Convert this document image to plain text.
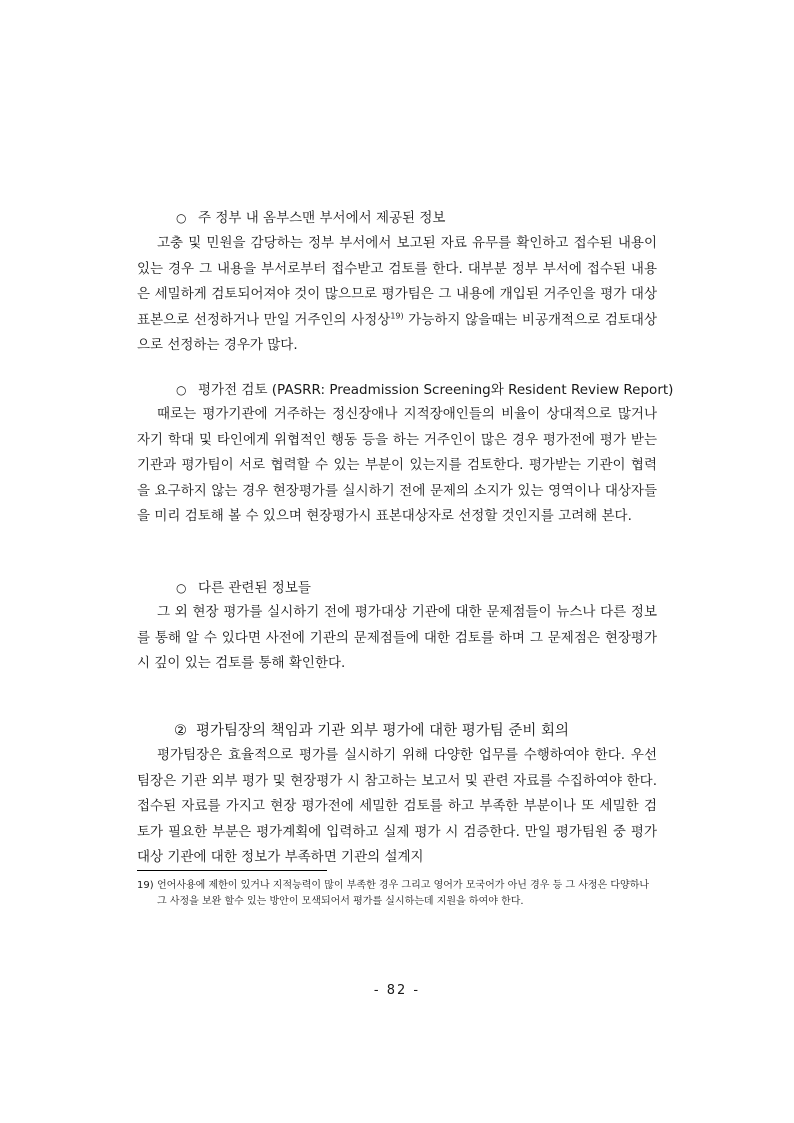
○ 주 정부 내 옴부스맨 부서에서 제공된 정보
고충 및 민원을 감당하는 정부 부서에서 보고된 자료 유무를 확인하고 접수된 내용이 있는 경우 그 내용을 부서로부터 접수받고 검토를 한다. 대부분 정부 부서에 접수된 내용은 세밀하게 검토되어져야 것이 많으므로 평가팀은 그 내용에 개입된 거주인을 평가 대상 표본으로 선정하거나 만일 거주인의 사정상$^{19)}$ 가능하지 않을때는 비공개적으로 검토대상으로 선정하는 경우가 많다.
○ 평가전 검토 (PASRR: Preadmission Screening와 Resident Review Report)
때로는 평가기관에 거주하는 정신장애나 지적장애인들의 비율이 상대적으로 많거나 자기 학대 및 타인에게 위협적인 행동 등을 하는 거주인이 많은 경우 평가전에 평가 받는 기관과 평가팀이 서로 협력할 수 있는 부분이 있는지를 검토한다. 평가받는 기관이 협력을 요구하지 않는 경우 현장평가를 실시하기 전에 문제의 소지가 있는 영역이나 대상자들을 미리 검토해 볼 수 있으며 현장평가시 표본대상자로 선정할 것인지를 고려해 본다.
○ 다른 관련된 정보들
그 외 현장 평가를 실시하기 전에 평가대상 기관에 대한 문제점들이 뉴스나 다른 정보를 통해 알 수 있다면 사전에 기관의 문제점들에 대한 검토를 하며 그 문제점은 현장평가 시 깊이 있는 검토를 통해 확인한다.
② 평가팀장의 책임과 기관 외부 평가에 대한 평가팀 준비 회의
평가팀장은 효율적으로 평가를 실시하기 위해 다양한 업무를 수행하여야 한다. 우선 팀장은 기관 외부 평가 및 현장평가 시 참고하는 보고서 및 관련 자료를 수집하여야 한다. 접수된 자료를 가지고 현장 평가전에 세밀한 검토를 하고 부족한 부분이나 또 세밀한 검토가 필요한 부분은 평가계획에 입력하고 실제 평가 시 검증한다. 만일 평가팀원 중 평가대상 기관에 대한 정보가 부족하면 기관의 설계지
19) 언어사용에 제한이 있거나 지적능력이 많이 부족한 경우 그리고 영어가 모국어가 아닌 경우 등 그 사정은 다양하나 그 사정을 보완 할수 있는 방안이 모색되어서 평가를 실시하는데 지원을 하여야 한다.
- 82 -
